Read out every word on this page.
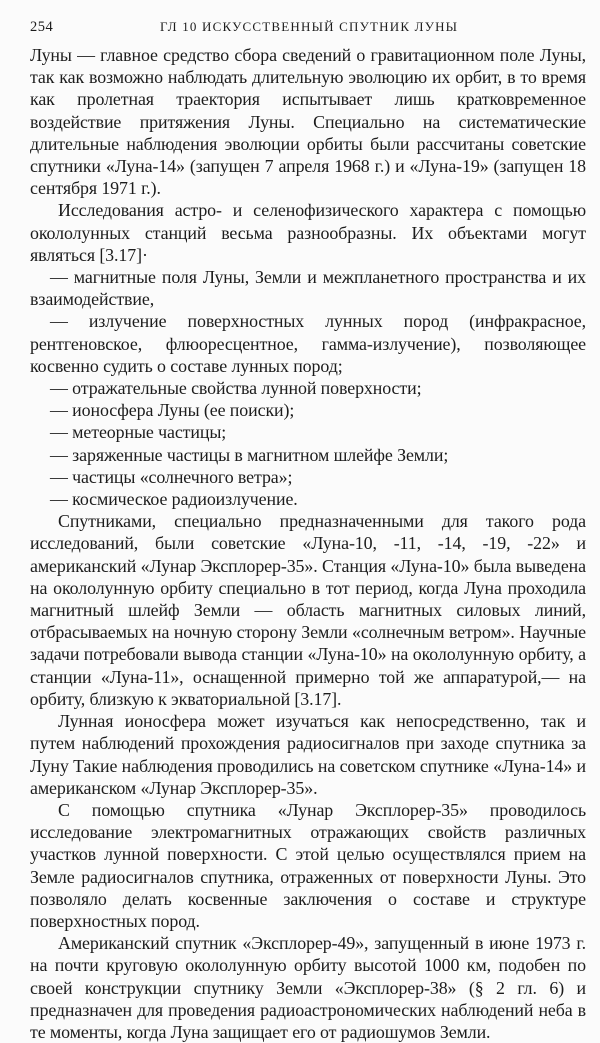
254	ГЛ 10 ИСКУССТВЕННЫЙ СПУТНИК ЛУНЫ

Луны — главное средство сбора сведений о гравитационном поле Луны, так как возможно наблюдать длительную эволюцию их орбит, в то время как пролетная траектория испытывает лишь кратковременное воздействие притяжения Луны. Специально на систематические длительные наблюдения эволюции орбиты были рассчитаны советские спутники «Луна-14» (запущен 7 апреля 1968 г.) и «Луна-19» (запущен 18 сентября 1971 г.).

Исследования астро- и селенофизического характера с помощью окололунных станций весьма разнообразны. Их объектами могут являться [3.17]·

— магнитные поля Луны, Земли и межпланетного пространства и их взаимодействие,

— излучение поверхностных лунных пород (инфракрасное, рентгеновское, флюоресцентное, гамма-излучение), позволяющее косвенно судить о составе лунных пород;

— отражательные свойства лунной поверхности;

— ионосфера Луны (ее поиски);

— метеорные частицы;

— заряженные частицы в магнитном шлейфе Земли;

— частицы «солнечного ветра»;

— космическое радиоизлучение.

Спутниками, специально предназначенными для такого рода исследований, были советские «Луна-10, -11, -14, -19, -22» и американский «Лунар Эксплорер-35». Станция «Луна-10» была выведена на окололунную орбиту специально в тот период, когда Луна проходила магнитный шлейф Земли — область магнитных силовых линий, отбрасываемых на ночную сторону Земли «солнечным ветром». Научные задачи потребовали вывода станции «Луна-10» на окололунную орбиту, а станции «Луна-11», оснащенной примерно той же аппаратурой,— на орбиту, близкую к экваториальной [3.17].

Лунная ионосфера может изучаться как непосредственно, так и путем наблюдений прохождения радиосигналов при заходе спутника за Луну Такие наблюдения проводились на советском спутнике «Луна-14» и американском «Лунар Эксплорер-35».

С помощью спутника «Лунар Эксплорер-35» проводилось исследование электромагнитных отражающих свойств различных участков лунной поверхности. С этой целью осуществлялся прием на Земле радиосигналов спутника, отраженных от поверхности Луны. Это позволяло делать косвенные заключения о составе и структуре поверхностных пород.

Американский спутник «Эксплорер-49», запущенный в июне 1973 г. на почти круговую окололунную орбиту высотой 1000 км, подобен по своей конструкции спутнику Земли «Эксплорер-38» (§ 2 гл. 6) и предназначен для проведения радиоастрономических наблюдений неба в те моменты, когда Луна защищает его от радиошумов Земли.
